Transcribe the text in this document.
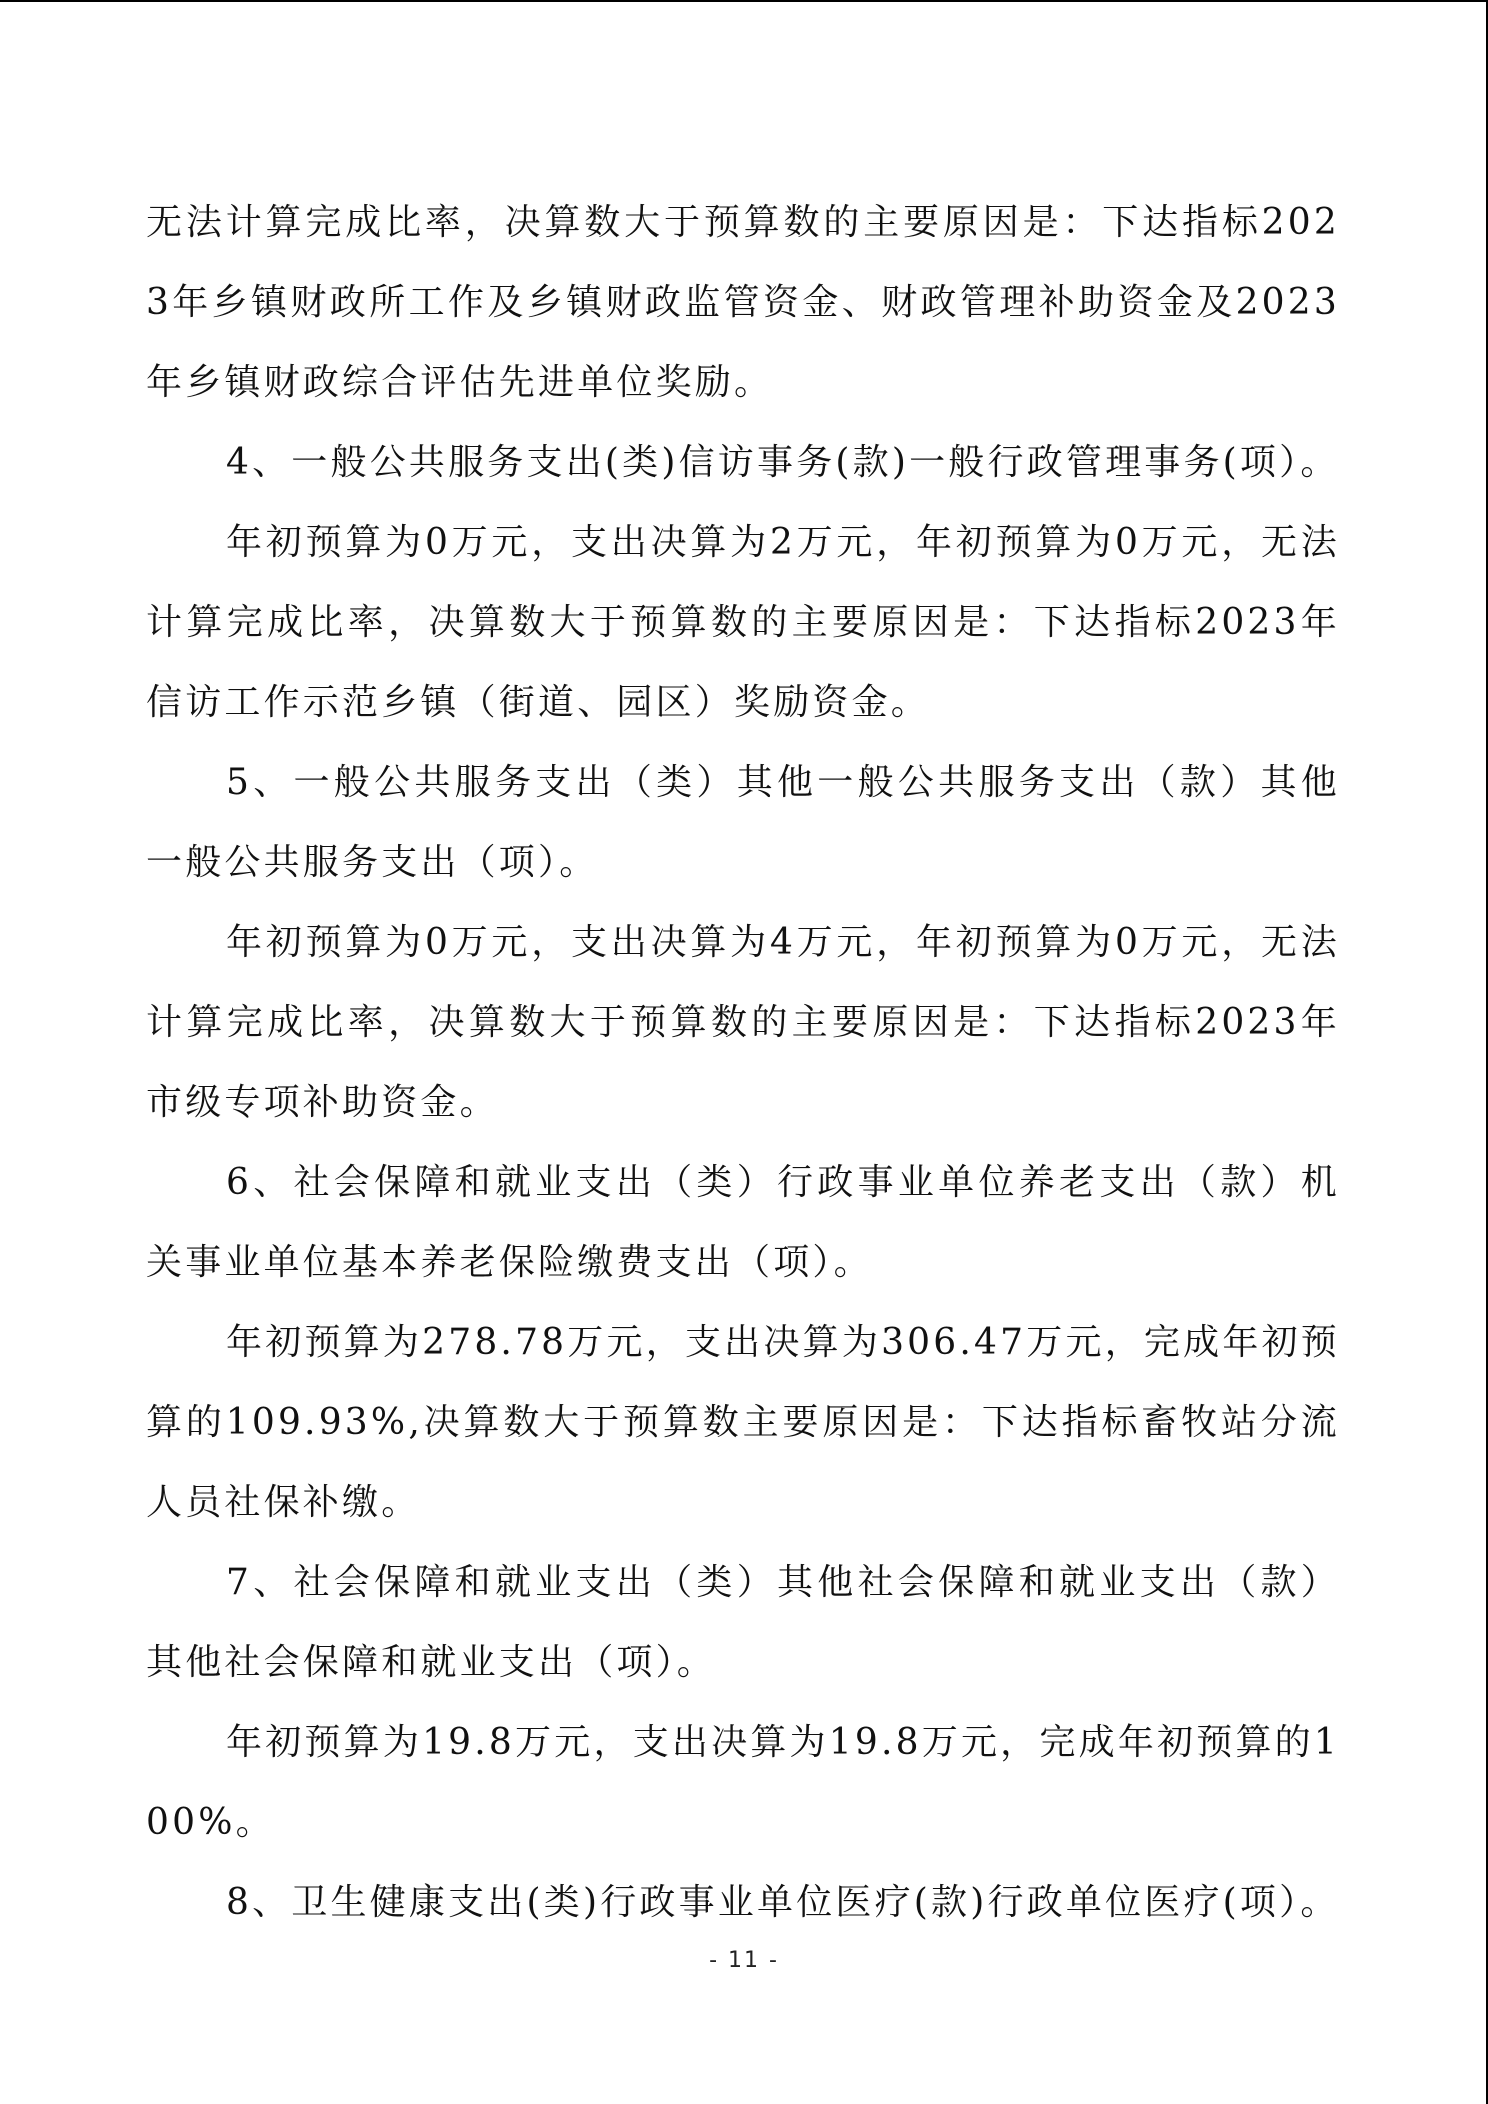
无法计算完成比率，决算数大于预算数的主要原因是：下达指标2023年乡镇财政所工作及乡镇财政监管资金、财政管理补助资金及2023年乡镇财政综合评估先进单位奖励。

4、一般公共服务支出(类)信访事务(款)一般行政管理事务(项）。

年初预算为0万元，支出决算为2万元，年初预算为0万元，无法计算完成比率，决算数大于预算数的主要原因是：下达指标2023年信访工作示范乡镇（街道、园区）奖励资金。

5、一般公共服务支出（类）其他一般公共服务支出（款）其他一般公共服务支出（项）。

年初预算为0万元，支出决算为4万元，年初预算为0万元，无法计算完成比率，决算数大于预算数的主要原因是：下达指标2023年市级专项补助资金。

6、社会保障和就业支出（类）行政事业单位养老支出（款）机关事业单位基本养老保险缴费支出（项）。

年初预算为278.78万元，支出决算为306.47万元，完成年初预算的109.93%,决算数大于预算数主要原因是：下达指标畜牧站分流人员社保补缴。

7、社会保障和就业支出（类）其他社会保障和就业支出（款）其他社会保障和就业支出（项）。

年初预算为19.8万元，支出决算为19.8万元，完成年初预算的100%。

8、卫生健康支出(类)行政事业单位医疗(款)行政单位医疗(项）。

- 11 -
